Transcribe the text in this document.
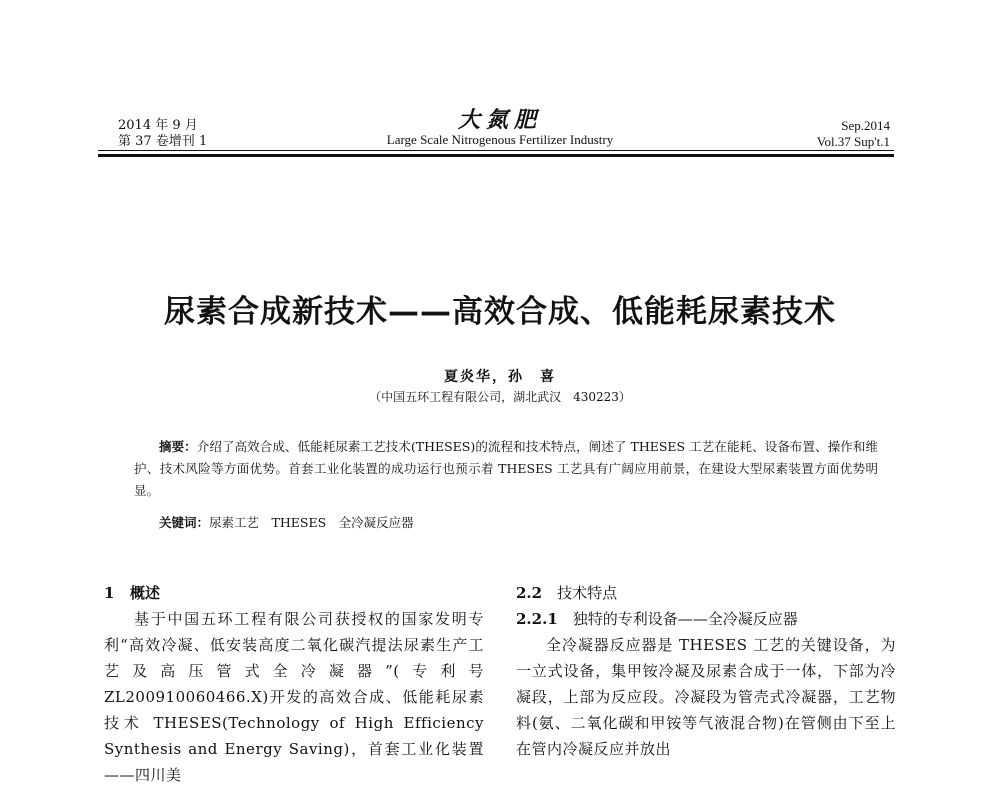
2014 年 9 月
第 37 卷增刊 1
大氮肥
Large Scale Nitrogenous Fertilizer Industry
Sep.2014
Vol.37 Sup't.1
尿素合成新技术——高效合成、低能耗尿素技术
夏炎华，孙　喜
（中国五环工程有限公司，湖北武汉　430223）
摘要：介绍了高效合成、低能耗尿素工艺技术(THESES)的流程和技术特点，阐述了 THESES 工艺在能耗、设备布置、操作和维护、技术风险等方面优势。首套工业化装置的成功运行也预示着 THESES 工艺具有广阔应用前景，在建设大型尿素装置方面优势明显。
关键词：尿素工艺　THESES　全冷凝反应器
1 概述
基于中国五环工程有限公司获授权的国家发明专利“高效冷凝、低安装高度二氧化碳汽提法尿素生产工艺及高压管式全冷凝器”(专利号 ZL200910060466.X)开发的高效合成、低能耗尿素技术 THESES(Technology of High Efficiency Synthesis and Energy Saving)，首套工业化装置——四川美
2.2　 技术特点
2.2.1　 独特的专利设备——全冷凝反应器
全冷凝器反应器是 THESES 工艺的关键设备，为一立式设备，集甲铵冷凝及尿素合成于一体，下部为冷凝段，上部为反应段。冷凝段为管壳式冷凝器，工艺物料(氨、二氧化碳和甲铵等气液混合物)在管侧由下至上在管内冷凝反应并放出
